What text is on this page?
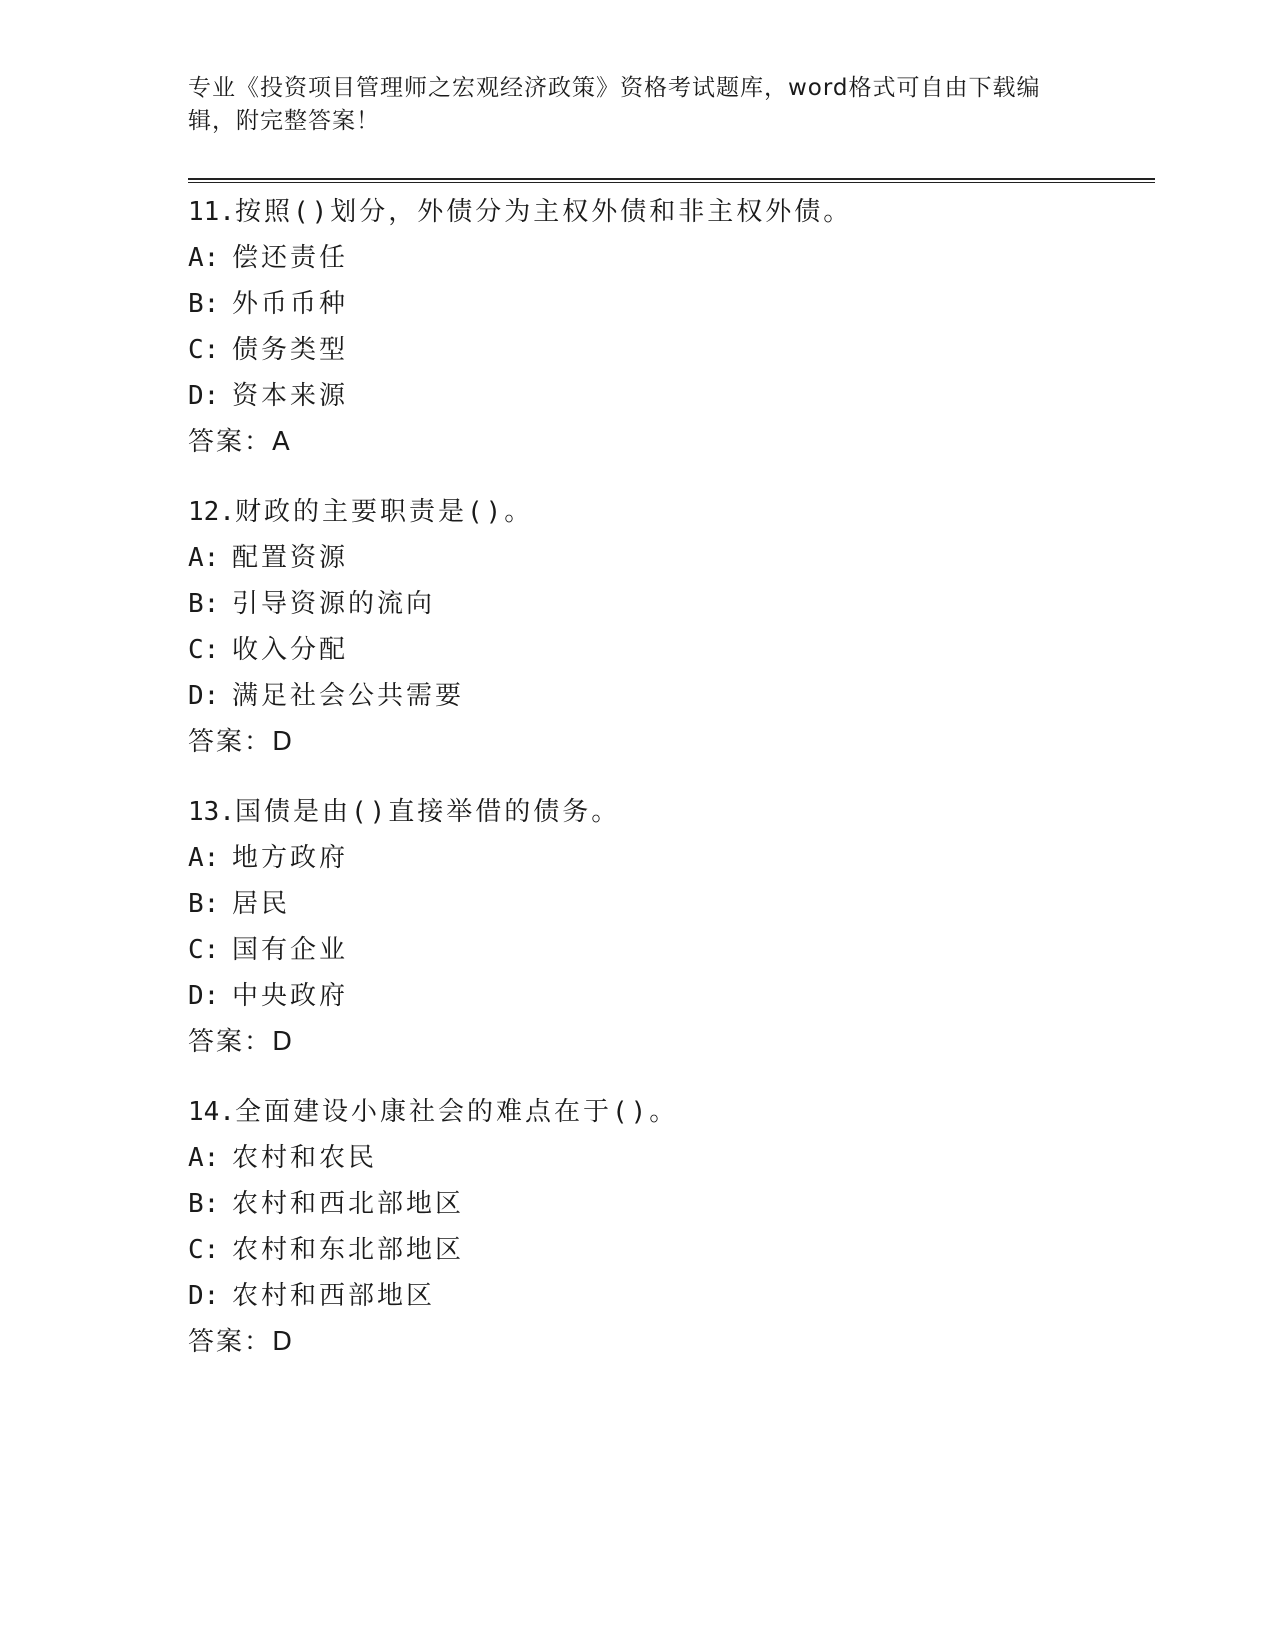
专业《投资项目管理师之宏观经济政策》资格考试题库，word格式可自由下载编
辑，附完整答案！
11.按照()划分，外债分为主权外债和非主权外债。
A: 偿还责任
B: 外币币种
C: 债务类型
D: 资本来源
答案：A
12.财政的主要职责是()。
A: 配置资源
B: 引导资源的流向
C: 收入分配
D: 满足社会公共需要
答案：D
13.国债是由()直接举借的债务。
A: 地方政府
B: 居民
C: 国有企业
D: 中央政府
答案：D
14.全面建设小康社会的难点在于()。
A: 农村和农民
B: 农村和西北部地区
C: 农村和东北部地区
D: 农村和西部地区
答案：D
